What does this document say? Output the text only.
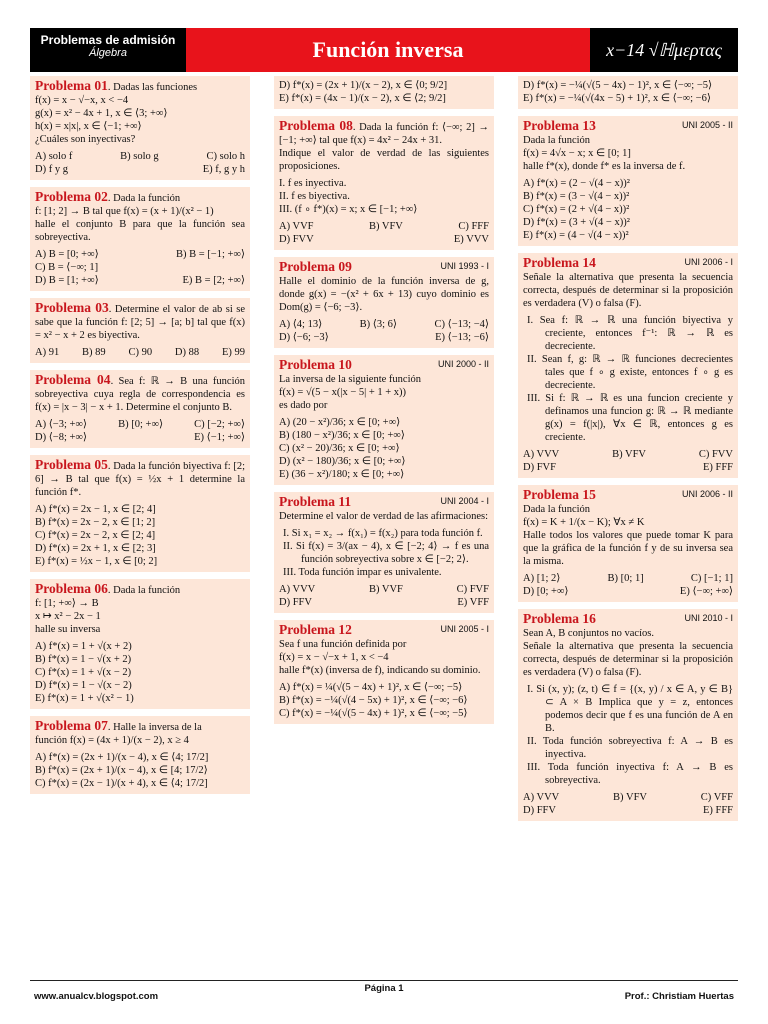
Problemas de admisión
Álgebra	Función inversa	x−14 √ℍμερτας
Problema 01. Dadas las funciones
f(x) = x − √−x, x < −4
g(x) = x² − 4x + 1, x ∈ ⟨3; +∞⟩
h(x) = x|x|, x ∈ ⟨−1; +∞⟩
¿Cuáles son inyectivas?
A) solo f	B) solo g	C) solo h
D) f y g	E) f, g y h
Problema 02. Dada la función
f: [1; 2] → B tal que f(x) = (x + 1)/(x² − 1)
halle el conjunto B para que la función sea sobreyectiva.
A) B = [0; +∞⟩	B) B = [−1; +∞⟩
C) B = ⟨−∞; 1]
D) B = [1; +∞⟩	E) B = [2; +∞⟩
Problema 03. Determine el valor de ab si se sabe que la función f: [2; 5] → [a; b] tal que f(x) = x² − x + 2 es biyectiva.
A) 91 B) 89 C) 90 D) 88 E) 99
Problema 04. Sea f: ℝ → B una función sobreyectiva cuya regla de correspondencia es f(x) = |x − 3| − x + 1. Determine el conjunto B.
A) ⟨−3; +∞⟩	B) [0; +∞⟩	C) [−2; +∞⟩
D) ⟨−8; +∞⟩	E) ⟨−1; +∞⟩
Problema 05. Dada la función biyectiva f: [2; 6] → B tal que f(x) = ½x + 1 determine la función f*.
A) f*(x) = 2x − 1, x ∈ [2; 4]
B) f*(x) = 2x − 2, x ∈ [1; 2]
C) f*(x) = 2x − 2, x ∈ [2; 4]
D) f*(x) = 2x + 1, x ∈ [2; 3]
E) f*(x) = ½x − 1, x ∈ [0; 2]
Problema 06. Dada la función
f: [1; +∞⟩ → B
x ↦ x² − 2x − 1
halle su inversa
A) f*(x) = 1 + √(x + 2)
B) f*(x) = 1 − √(x + 2)
C) f*(x) = 1 + √(x − 2)
D) f*(x) = 1 − √(x − 2)
E) f*(x) = 1 + √(x² − 1)
Problema 07. Halle la inversa de la
función f(x) = (4x + 1)/(x − 2), x ≥ 4
A) f*(x) = (2x + 1)/(x − 4), x ∈ ⟨4; 17/2]
B) f*(x) = (2x + 1)/(x − 4), x ∈ [4; 17/2⟩
C) f*(x) = (2x − 1)/(x + 4), x ∈ ⟨4; 17/2]
D) f*(x) = (2x + 1)/(x − 2), x ∈ ⟨0; 9/2]
E) f*(x) = (4x − 1)/(x − 2), x ∈ ⟨2; 9/2]
Problema 08. Dada la función f: ⟨−∞; 2] → [−1; +∞⟩ tal que f(x) = 4x² − 24x + 31.
Indique el valor de verdad de las siguientes proposiciones.
I. f es inyectiva.
II. f es biyectiva.
III. (f ∘ f*)(x) = x; x ∈ [−1; +∞⟩
A) VVF	B) VFV	C) FFF
D) FVV	E) VVV
UNI 1993 - I
Problema 09
Halle el dominio de la función inversa de g, donde g(x) = −(x² + 6x + 13) cuyo dominio es Dom(g) = ⟨−6; −3⟩.
A) ⟨4; 13⟩	B) ⟨3; 6⟩	C) ⟨−13; −4⟩
D) ⟨−6; −3⟩	E) ⟨−13; −6⟩
UNI 2000 - II
Problema 10
La inversa de la siguiente función
f(x) = √(5 − x(|x − 5| + 1 + x))
es dado por
A) (20 − x²)/36; x ∈ [0; +∞⟩
B) (180 − x²)/36; x ∈ [0; +∞⟩
C) (x² − 20)/36; x ∈ [0; +∞⟩
D) (x² − 180)/36; x ∈ [0; +∞⟩
E) (36 − x²)/180; x ∈ [0; +∞⟩
UNI 2004 - I
Problema 11
Determine el valor de verdad de las afirmaciones:
I. Si x₁ = x₂ → f(x₁) = f(x₂) para toda función f.
II. Si f(x) = 3/(ax − 4), x ∈ [−2; 4⟩ → f es una función sobreyectiva sobre x ∈ [−2; 2⟩.
III. Toda función impar es univalente.
A) VVV	B) VVF	C) FVF
D) FFV	E) VFF
UNI 2005 - I
Problema 12
Sea f una función definida por
f(x) = x − √−x + 1, x < −4
halle f*(x) (inversa de f), indicando su dominio.
A) f*(x) = ¼(√(5 − 4x) + 1)², x ∈ ⟨−∞; −5⟩
B) f*(x) = −¼(√(4 − 5x) + 1)², x ∈ ⟨−∞; −6⟩
C) f*(x) = −¼(√(5 − 4x) + 1)², x ∈ ⟨−∞; −5⟩
D) f*(x) = −¼(√(5 − 4x) − 1)², x ∈ ⟨−∞; −5⟩
E) f*(x) = −¼(√(4x − 5) + 1)², x ∈ ⟨−∞; −6⟩
UNI 2005 - II
Problema 13
Dada la función
f(x) = 4√x − x; x ∈ [0; 1]
halle f*(x), donde f* es la inversa de f.
A) f*(x) = (2 − √(4 − x))²
B) f*(x) = (3 − √(4 − x))²
C) f*(x) = (2 + √(4 − x))²
D) f*(x) = (3 + √(4 − x))²
E) f*(x) = (4 − √(4 − x))²
UNI 2006 - I
Problema 14
Señale la alternativa que presenta la secuencia correcta, después de determinar si la proposición es verdadera (V) o falsa (F).
I. Sea f: ℝ → ℝ una función biyectiva y creciente, entonces f⁻¹: ℝ → ℝ es decreciente.
II. Sean f, g: ℝ → ℝ funciones decrecientes tales que f ∘ g existe, entonces f ∘ g es decreciente.
III. Si f: ℝ → ℝ es una funcion creciente y definamos una funcion g: ℝ → ℝ mediante g(x) = f(|x|), ∀x ∈ ℝ, entonces g es creciente.
A) VVV	B) VFV	C) FVV
D) FVF	E) FFF
UNI 2006 - II
Problema 15
Dada la función
f(x) = K + 1/(x − K); ∀x ≠ K
Halle todos los valores que puede tomar K para que la gráfica de la función f y de su inversa sea la misma.
A) [1; 2⟩	B) [0; 1]	C) [−1; 1]
D) [0; +∞⟩	E) ⟨−∞; +∞⟩
UNI 2010 - I
Problema 16
Sean A, B conjuntos no vacíos.
Señale la alternativa que presenta la secuencia correcta, después de determinar si la proposición es verdadera (V) o falsa (F).
I. Si (x, y); (z, t) ∈ f = {(x, y) / x ∈ A, y ∈ B} ⊂ A × B Implica que y = z, entonces podemos decir que f es una función de A en B.
II. Toda función sobreyectiva f: A → B es inyectiva.
III. Toda función inyectiva f: A → B es sobreyectiva.
A) VVV	B) VFV	C) VFF
D) FFV	E) FFF
www.anualcv.blogspot.com
Página 1
Prof.: Christiam Huertas
